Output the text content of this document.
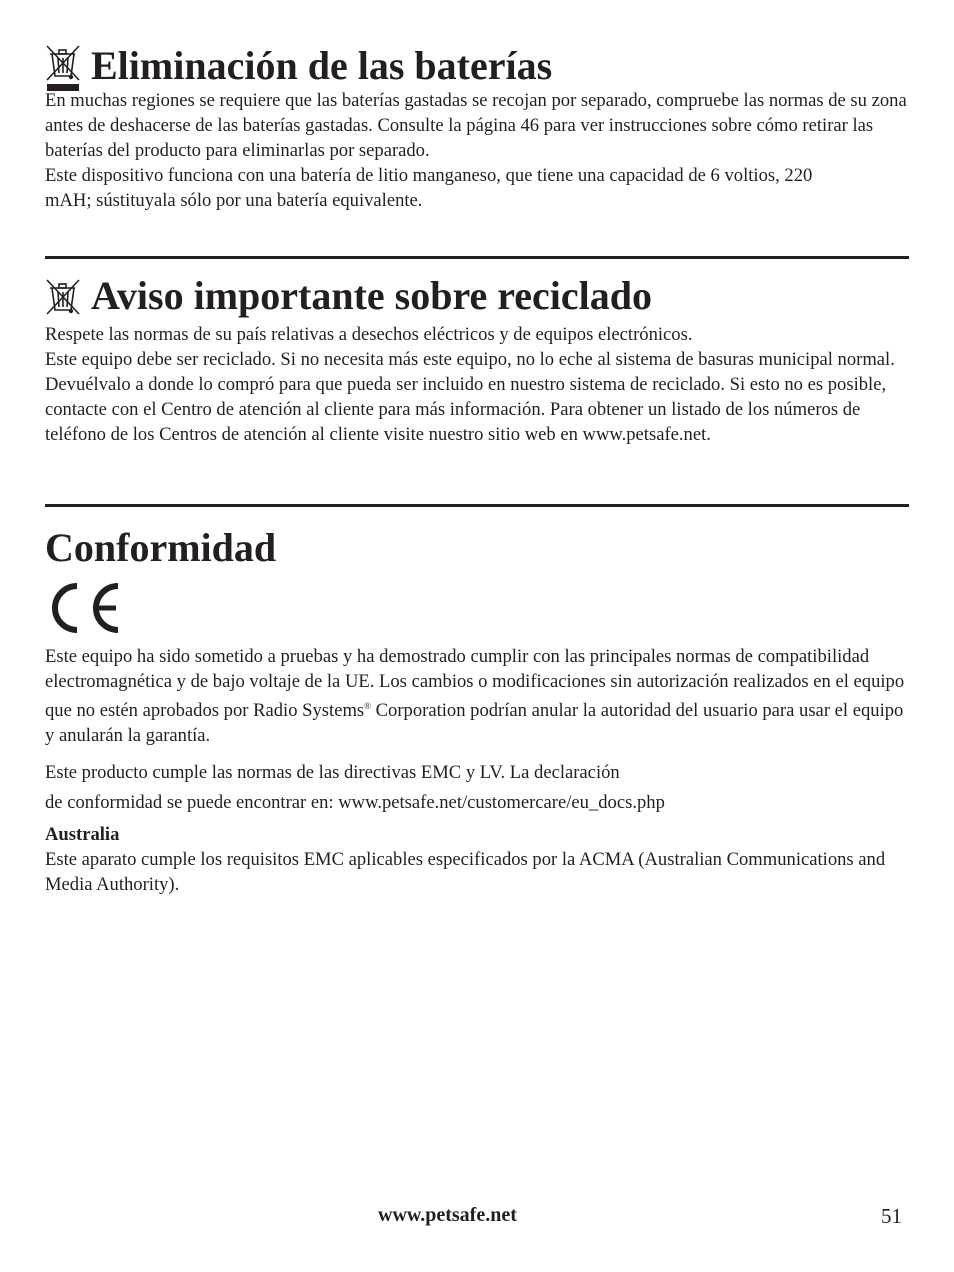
Eliminación de las baterías

En muchas regiones se requiere que las baterías gastadas se recojan por separado, compruebe las normas de su zona antes de deshacerse de las baterías gastadas. Consulte la página 46 para ver instrucciones sobre cómo retirar las baterías del producto para eliminarlas por separado.

Este dispositivo funciona con una batería de litio manganeso, que tiene una capacidad de 6 voltios, 220 mAH; sústituyala sólo por una batería equivalente.

Aviso importante sobre reciclado

Respete las normas de su país relativas a desechos eléctricos y de equipos electrónicos.

Este equipo debe ser reciclado. Si no necesita más este equipo, no lo eche al sistema de basuras municipal normal. Devuélvalo a donde lo compró para que pueda ser incluido en nuestro sistema de reciclado. Si esto no es posible, contacte con el Centro de atención al cliente para más información. Para obtener un listado de los números de teléfono de los Centros de atención al cliente visite nuestro sitio web en www.petsafe.net.

Conformidad

Este equipo ha sido sometido a pruebas y ha demostrado cumplir con las principales normas de compatibilidad electromagnética y de bajo voltaje de la UE. Los cambios o modificaciones sin autorización realizados en el equipo que no estén aprobados por Radio Systems® Corporation podrían anular la autoridad del usuario para usar el equipo y anularán la garantía.

Este producto cumple las normas de las directivas EMC y LV. La declaración
de conformidad se puede encontrar en: www.petsafe.net/customercare/eu_docs.php

Australia

Este aparato cumple los requisitos EMC aplicables especificados por la ACMA (Australian Communications and Media Authority).

www.petsafe.net	51
